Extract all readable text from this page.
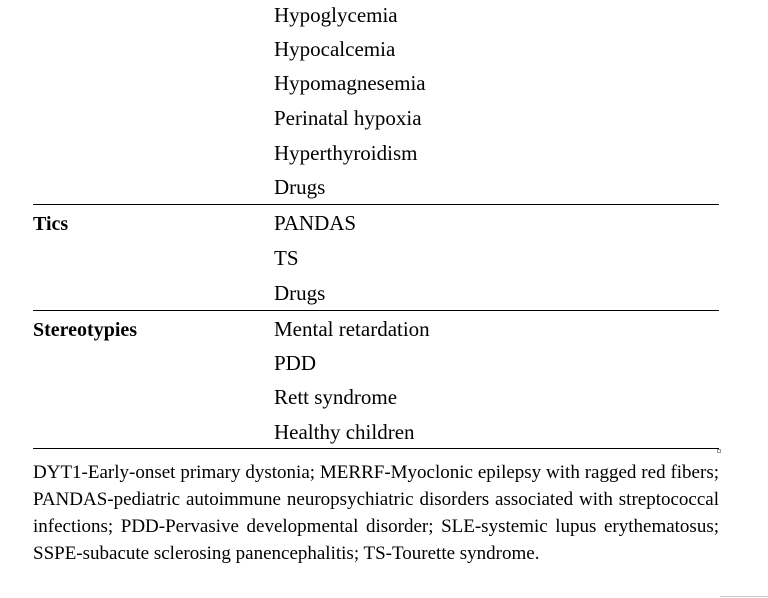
Hypoglycemia
Hypocalcemia
Hypomagnesemia
Perinatal hypoxia
Hyperthyroidism
Drugs
Tics	PANDAS
TS
Drugs
Stereotypies	Mental retardation
PDD
Rett syndrome
Healthy children
DYT1-Early-onset primary dystonia; MERRF-Myoclonic epilepsy with ragged red fibers; PANDAS-pediatric autoimmune neuropsychiatric disorders associated with streptococcal infections; PDD-Pervasive developmental disorder; SLE-systemic lupus erythematosus; SSPE-subacute sclerosing panencephalitis; TS-Tourette syndrome.
